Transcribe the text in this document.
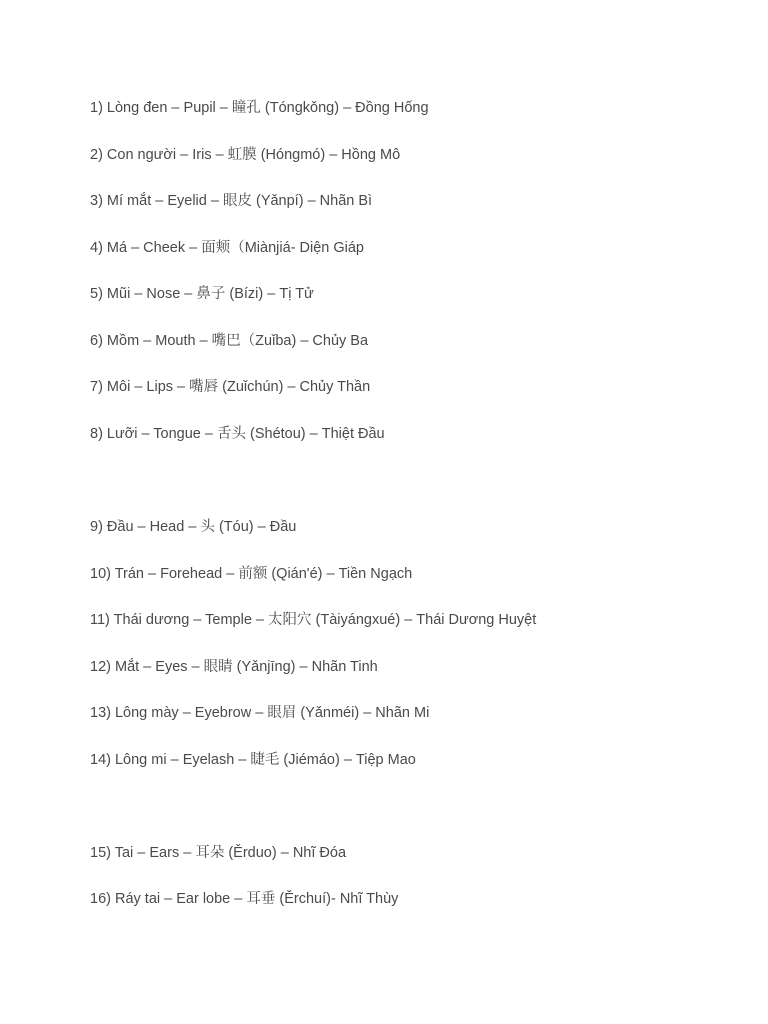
1) Lòng đen – Pupil – 瞳孔 (Tóngkǒng) – Đồng Hống
2) Con người – Iris – 虹膜 (Hóngmó) – Hồng Mô
3) Mí mắt – Eyelid – 眼皮 (Yǎnpí) – Nhãn Bì
4) Má – Cheek – 面颊（Miànjiá- Diện Giáp
5) Mũi – Nose – 鼻子 (Bízi) – Tị Tử
6) Mồm – Mouth – 嘴巴（Zuǐba) – Chủy Ba
7) Môi – Lips – 嘴唇 (Zuǐchún) – Chủy Thần
8) Lưỡi – Tongue – 舌头 (Shétou) – Thiệt Đầu
9) Đầu – Head – 头 (Tóu) – Đầu
10) Trán – Forehead – 前额 (Qián'é) – Tiền Ngạch
11) Thái dương – Temple – 太阳穴 (Tàiyángxué) – Thái Dương Huyệt
12) Mắt – Eyes – 眼睛 (Yǎnjīng) – Nhãn Tinh
13) Lông mày – Eyebrow – 眼眉 (Yǎnméi) – Nhãn Mi
14) Lông mi – Eyelash – 睫毛 (Jiémáo) – Tiệp Mao
15) Tai – Ears – 耳朵 (Ěrduo) – Nhĩ Đóa
16) Ráy tai – Ear lobe – 耳垂 (Ěrchuí)- Nhĩ Thùy
